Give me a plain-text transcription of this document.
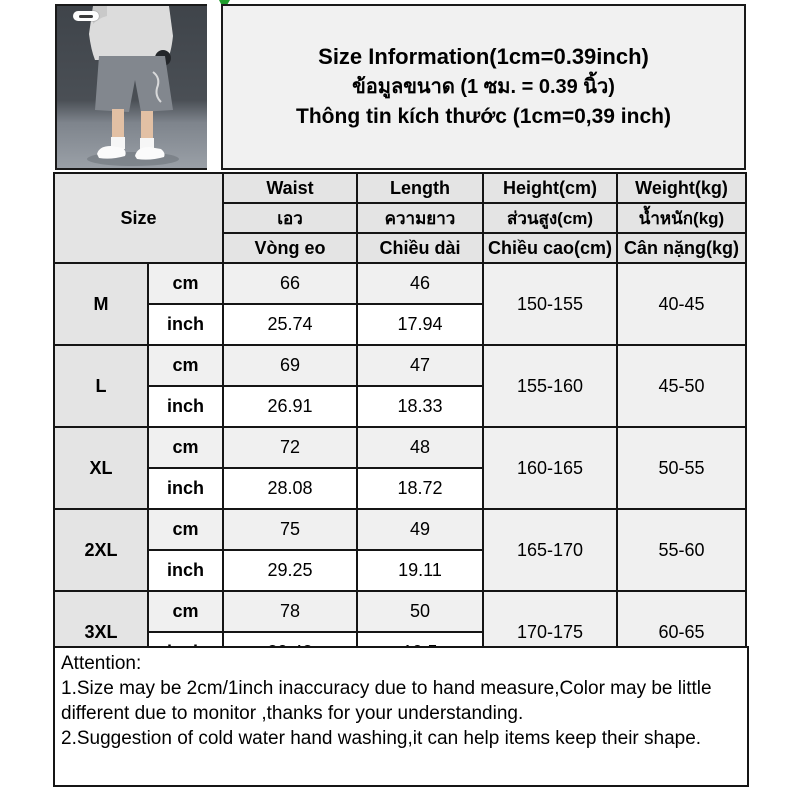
Size Information(1cm=0.39inch)
ข้อมูลขนาด (1 ซม. = 0.39 นิ้ว)
Thông tin kích thước (1cm=0,39 inch)
Size		Waist	Length	Height(cm)	Weight(kg)
		เอว	ความยาว	ส่วนสูง(cm)	น้ำหนัก(kg)
		Vòng eo	Chiều dài	Chiều cao(cm)	Cân nặng(kg)
M	cm	66	46	150-155	40-45
	inch	25.74	17.94		
L	cm	69	47	155-160	45-50
	inch	26.91	18.33		
XL	cm	72	48	160-165	50-55
	inch	28.08	18.72		
2XL	cm	75	49	165-170	55-60
	inch	29.25	19.11		
3XL	cm	78	50	170-175	60-65

Attention:

1.Size may be 2cm/1inch inaccuracy due to hand measure,Color may be little different due to monitor ,thanks for your understanding.

2.Suggestion of cold water hand washing,it can help items keep their shape.
